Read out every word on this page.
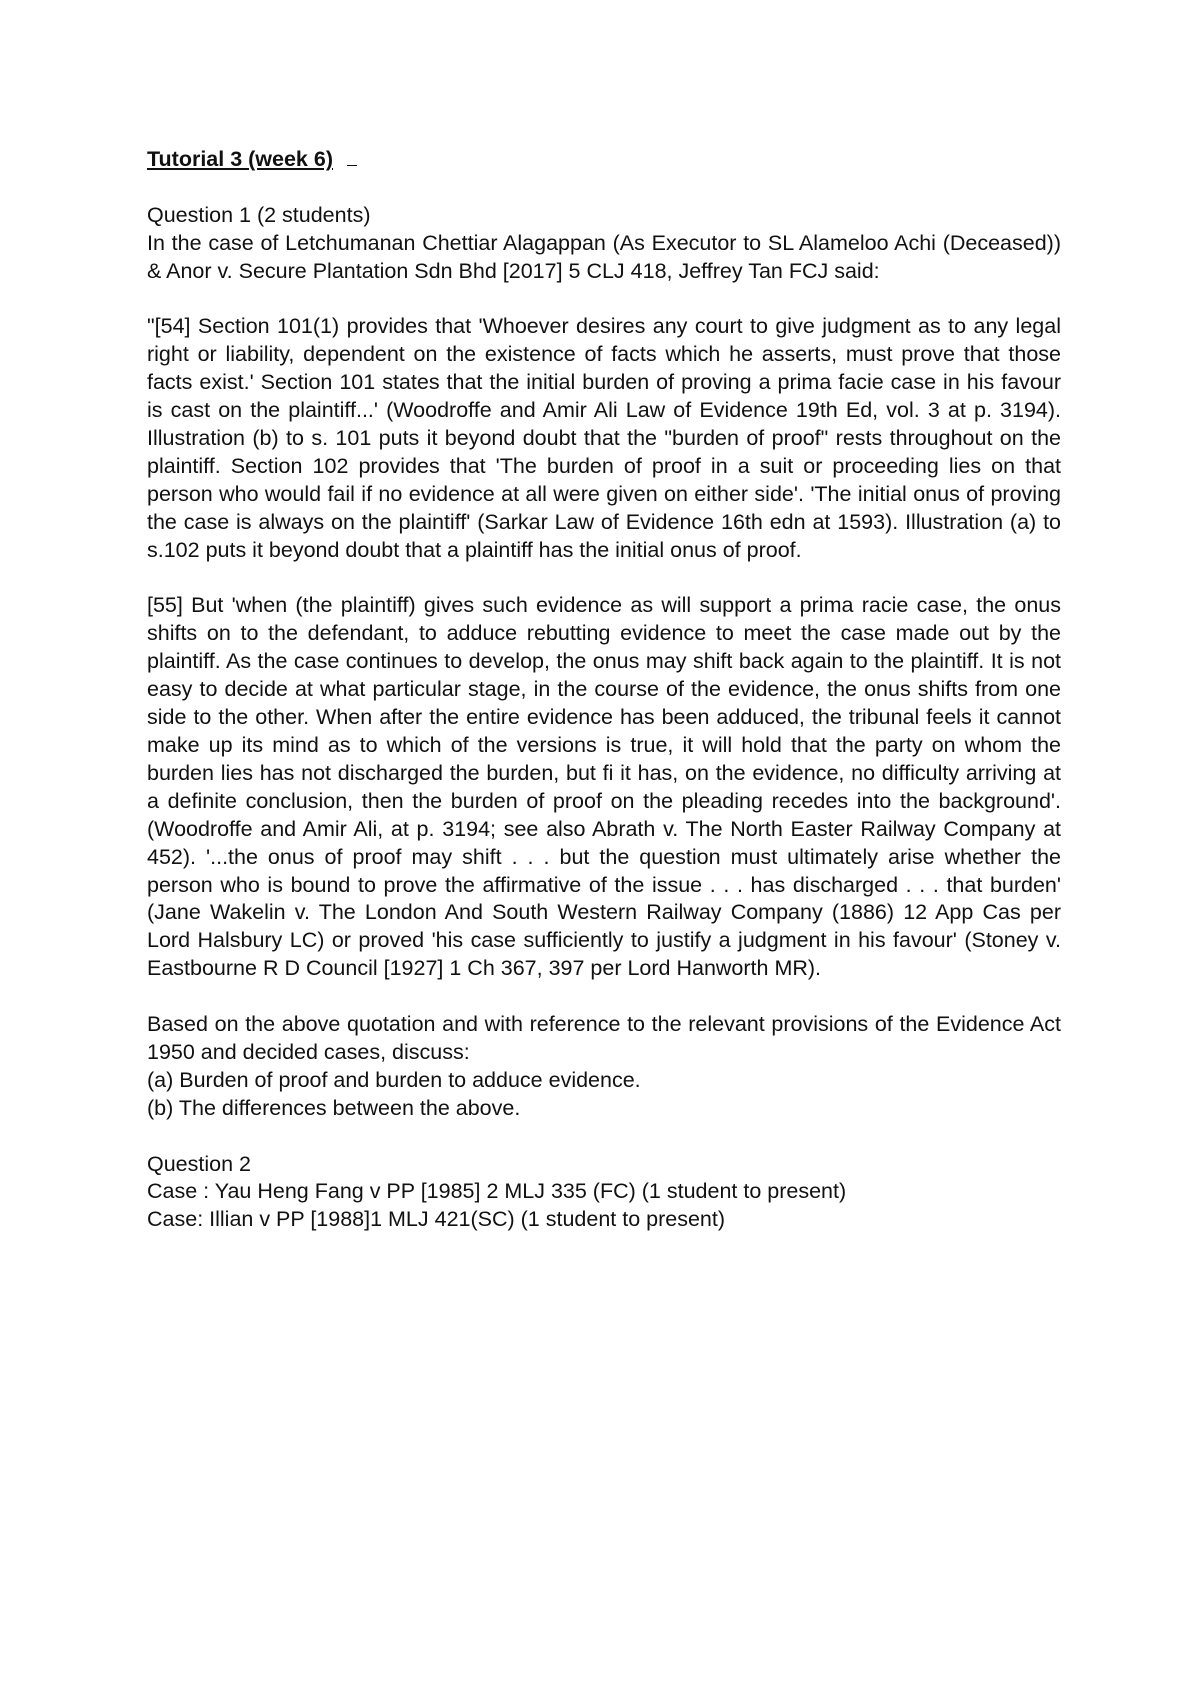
Tutorial 3 (week 6)

Question 1 (2 students)

In the case of Letchumanan Chettiar Alagappan (As Executor to SL Alameloo Achi (Deceased)) & Anor v. Secure Plantation Sdn Bhd [2017] 5 CLJ 418, Jeffrey Tan FCJ said:

"[54] Section 101(1) provides that 'Whoever desires any court to give judgment as to any legal right or liability, dependent on the existence of facts which he asserts, must prove that those facts exist.' Section 101 states that the initial burden of proving a prima facie case in his favour is cast on the plaintiff...' (Woodroffe and Amir Ali Law of Evidence 19th Ed, vol. 3 at p. 3194). Illustration (b) to s. 101 puts it beyond doubt that the "burden of proof" rests throughout on the plaintiff. Section 102 provides that 'The burden of proof in a suit or proceeding lies on that person who would fail if no evidence at all were given on either side'. 'The initial onus of proving the case is always on the plaintiff' (Sarkar Law of Evidence 16th edn at 1593). Illustration (a) to s.102 puts it beyond doubt that a plaintiff has the initial onus of proof.

[55] But 'when (the plaintiff) gives such evidence as will support a prima racie case, the onus shifts on to the defendant, to adduce rebutting evidence to meet the case made out by the plaintiff. As the case continues to develop, the onus may shift back again to the plaintiff. It is not easy to decide at what particular stage, in the course of the evidence, the onus shifts from one side to the other. When after the entire evidence has been adduced, the tribunal feels it cannot make up its mind as to which of the versions is true, it will hold that the party on whom the burden lies has not discharged the burden, but fi it has, on the evidence, no difficulty arriving at a definite conclusion, then the burden of proof on the pleading recedes into the background'. (Woodroffe and Amir Ali, at p. 3194; see also Abrath v. The North Easter Railway Company at 452). '...the onus of proof may shift . . . but the question must ultimately arise whether the person who is bound to prove the affirmative of the issue . . . has discharged . . . that burden' (Jane Wakelin v. The London And South Western Railway Company (1886) 12 App Cas per Lord Halsbury LC) or proved 'his case sufficiently to justify a judgment in his favour' (Stoney v. Eastbourne R D Council [1927] 1 Ch 367, 397 per Lord Hanworth MR).

Based on the above quotation and with reference to the relevant provisions of the Evidence Act 1950 and decided cases, discuss:

(a) Burden of proof and burden to adduce evidence.

(b) The differences between the above.

Question 2

Case : Yau Heng Fang v PP [1985] 2 MLJ 335 (FC) (1 student to present)

Case: Illian v PP [1988]1 MLJ 421(SC) (1 student to present)
